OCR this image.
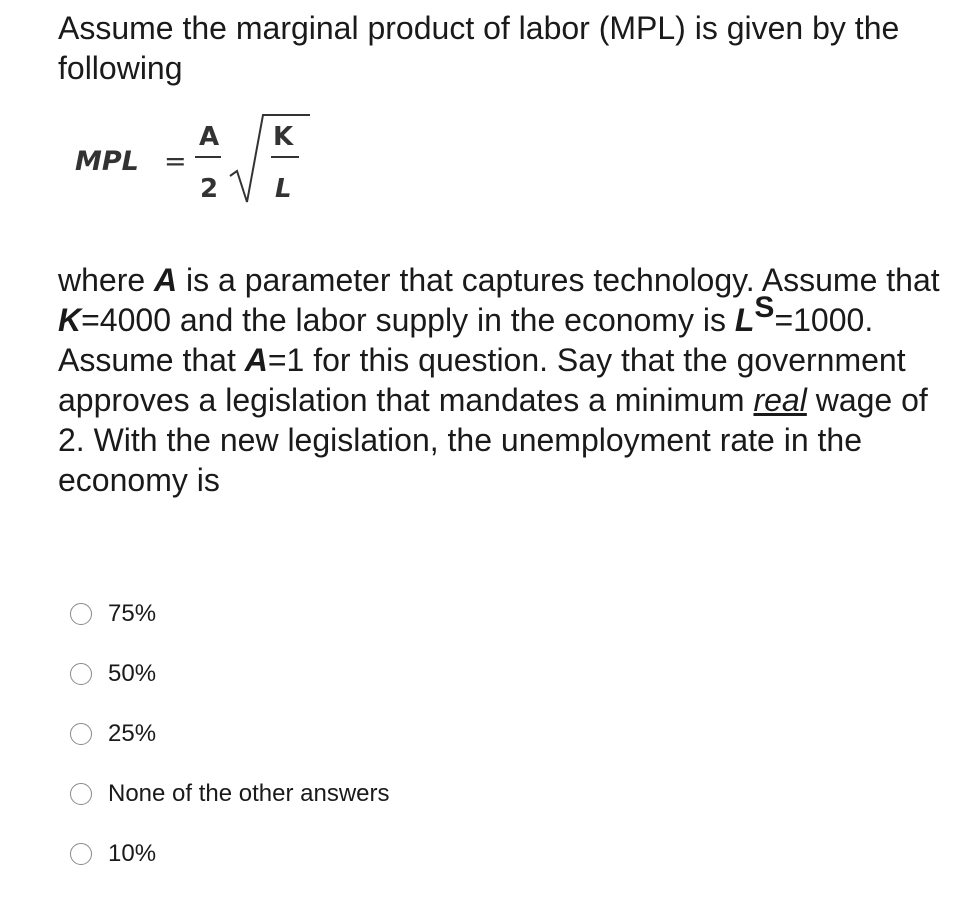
Assume the marginal product of labor (MPL) is given by the following

MPL =
A
2
K
L

where A is a parameter that captures technology. Assume that K=4000 and the labor supply in the economy is LS=1000. Assume that A=1 for this question. Say that the government approves a legislation that mandates a minimum real wage of 2. With the new legislation, the unemployment rate in the economy is

75%
50%
25%
None of the other answers
10%
